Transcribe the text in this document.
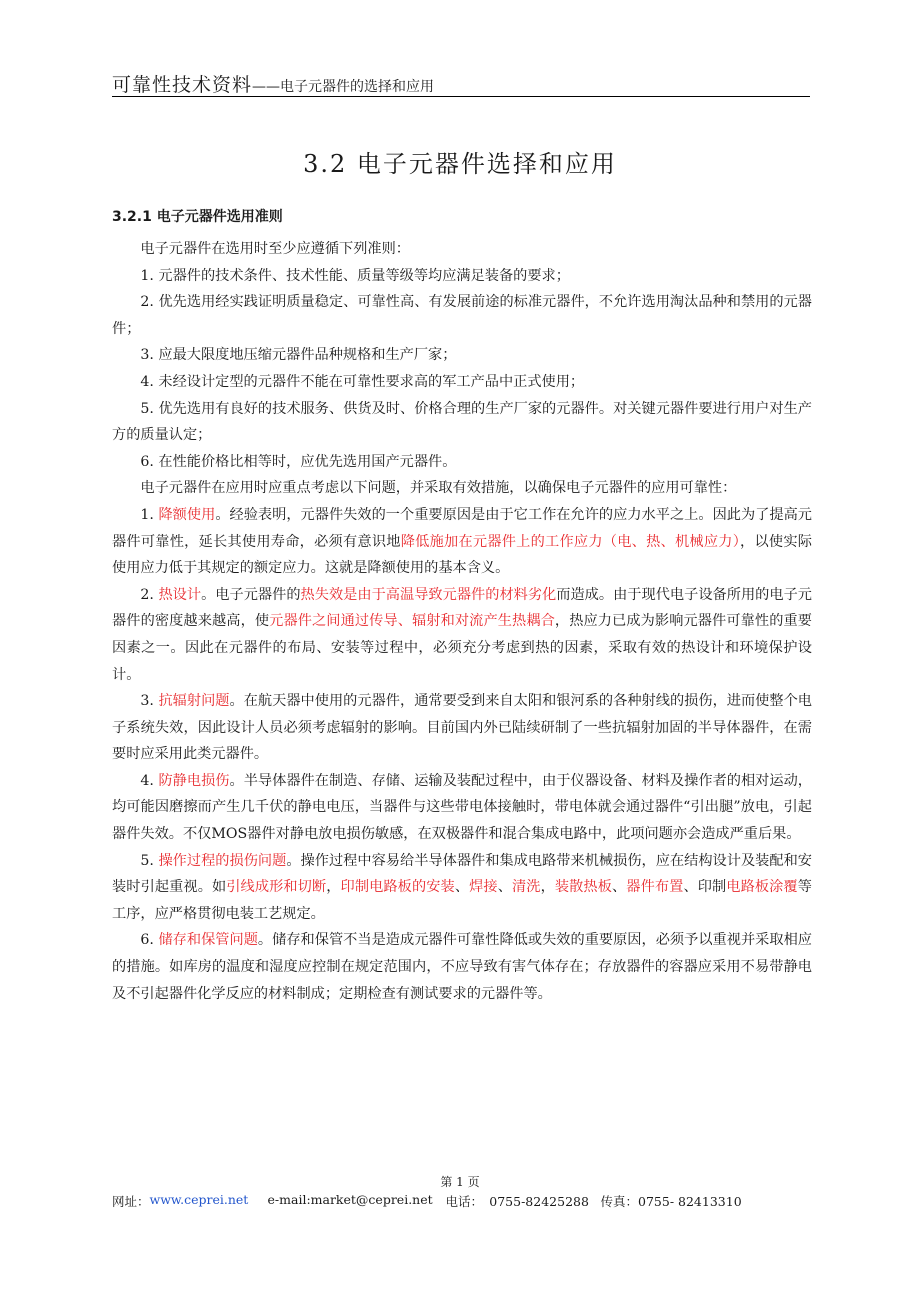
可靠性技术资料——电子元器件的选择和应用
3.2 电子元器件选择和应用
3.2.1 电子元器件选用准则

电子元器件在选用时至少应遵循下列准则：

1. 元器件的技术条件、技术性能、质量等级等均应满足装备的要求；

2. 优先选用经实践证明质量稳定、可靠性高、有发展前途的标准元器件，不允许选用淘汰品种和禁用的元器件；

3. 应最大限度地压缩元器件品种规格和生产厂家；

4. 未经设计定型的元器件不能在可靠性要求高的军工产品中正式使用；

5. 优先选用有良好的技术服务、供货及时、价格合理的生产厂家的元器件。对关键元器件要进行用户对生产方的质量认定；

6. 在性能价格比相等时，应优先选用国产元器件。

电子元器件在应用时应重点考虑以下问题，并采取有效措施，以确保电子元器件的应用可靠性：

1. 降额使用。经验表明，元器件失效的一个重要原因是由于它工作在允许的应力水平之上。因此为了提高元器件可靠性，延长其使用寿命，必须有意识地降低施加在元器件上的工作应力（电、热、机械应力），以使实际使用应力低于其规定的额定应力。这就是降额使用的基本含义。

2. 热设计。电子元器件的热失效是由于高温导致元器件的材料劣化而造成。由于现代电子设备所用的电子元器件的密度越来越高，使元器件之间通过传导、辐射和对流产生热耦合，热应力已成为影响元器件可靠性的重要因素之一。因此在元器件的布局、安装等过程中，必须充分考虑到热的因素，采取有效的热设计和环境保护设计。

3. 抗辐射问题。在航天器中使用的元器件，通常要受到来自太阳和银河系的各种射线的损伤，进而使整个电子系统失效，因此设计人员必须考虑辐射的影响。目前国内外已陆续研制了一些抗辐射加固的半导体器件，在需要时应采用此类元器件。

4. 防静电损伤。半导体器件在制造、存储、运输及装配过程中，由于仪器设备、材料及操作者的相对运动，均可能因磨擦而产生几千伏的静电电压，当器件与这些带电体接触时，带电体就会通过器件“引出腿”放电，引起器件失效。不仅MOS器件对静电放电损伤敏感，在双极器件和混合集成电路中，此项问题亦会造成严重后果。

5. 操作过程的损伤问题。操作过程中容易给半导体器件和集成电路带来机械损伤，应在结构设计及装配和安装时引起重视。如引线成形和切断，印制电路板的安装、焊接、清洗，装散热板、器件布置、印制电路板涂覆等工序，应严格贯彻电装工艺规定。

6. 储存和保管问题。储存和保管不当是造成元器件可靠性降低或失效的重要原因，必须予以重视并采取相应的措施。如库房的温度和湿度应控制在规定范围内，不应导致有害气体存在；存放器件的容器应采用不易带静电及不引起器件化学反应的材料制成；定期检查有测试要求的元器件等。

第 1 页
网址： www.ceprei.net	e-mail:market@ceprei.net	电话：　0755-82425288 传真：0755- 82413310
